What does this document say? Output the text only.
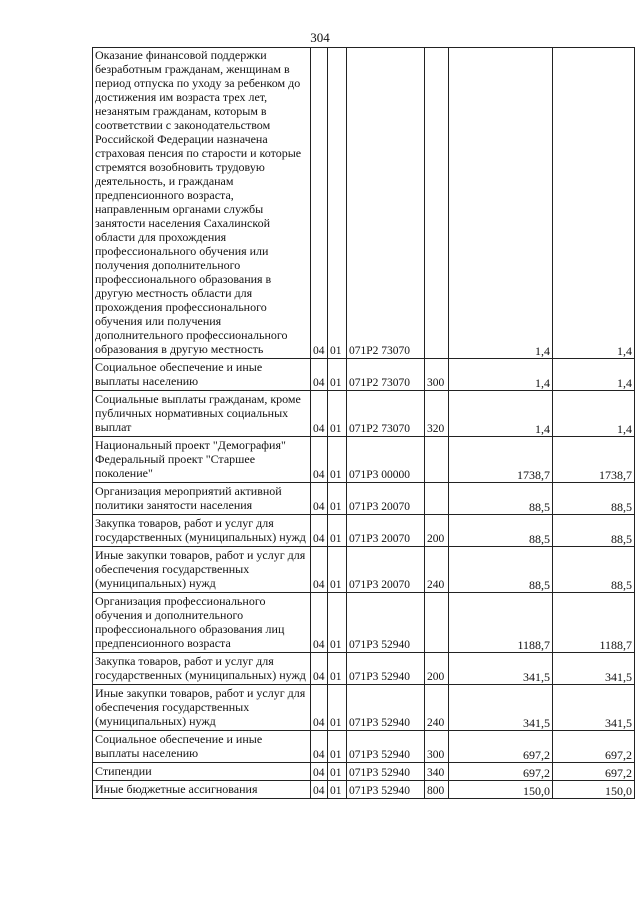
304
Оказание финансовой поддержки безработным гражданам, женщинам в период отпуска по уходу за ребенком до достижения им возраста трех лет, незанятым гражданам, которым в соответствии с законодательством Российской Федерации назначена страховая пенсия по старости и которые стремятся возобновить трудовую деятельность, и гражданам предпенсионного возраста, направленным органами службы занятости населения Сахалинской области для прохождения профессионального обучения или получения дополнительного профессионального образования в другую местность области для прохождения профессионального обучения или получения дополнительного профессионального образования в другую местность	04	01	071P2 73070		1,4	1,4
Социальное обеспечение и иные выплаты населению	04	01	071P2 73070	300	1,4	1,4
Социальные выплаты гражданам, кроме публичных нормативных социальных выплат	04	01	071P2 73070	320	1,4	1,4
Национальный проект "Демография" Федеральный проект "Старшее поколение"	04	01	071P3 00000		1738,7	1738,7
Организация мероприятий активной политики занятости населения	04	01	071P3 20070		88,5	88,5
Закупка товаров, работ и услуг для государственных (муниципальных) нужд	04	01	071P3 20070	200	88,5	88,5
Иные закупки товаров, работ и услуг для обеспечения государственных (муниципальных) нужд	04	01	071P3 20070	240	88,5	88,5
Организация профессионального обучения и дополнительного профессионального образования лиц предпенсионного возраста	04	01	071P3 52940		1188,7	1188,7
Закупка товаров, работ и услуг для государственных (муниципальных) нужд	04	01	071P3 52940	200	341,5	341,5
Иные закупки товаров, работ и услуг для обеспечения государственных (муниципальных) нужд	04	01	071P3 52940	240	341,5	341,5
Социальное обеспечение и иные выплаты населению	04	01	071P3 52940	300	697,2	697,2
Стипендии	04	01	071P3 52940	340	697,2	697,2
Иные бюджетные ассигнования	04	01	071P3 52940	800	150,0	150,0
